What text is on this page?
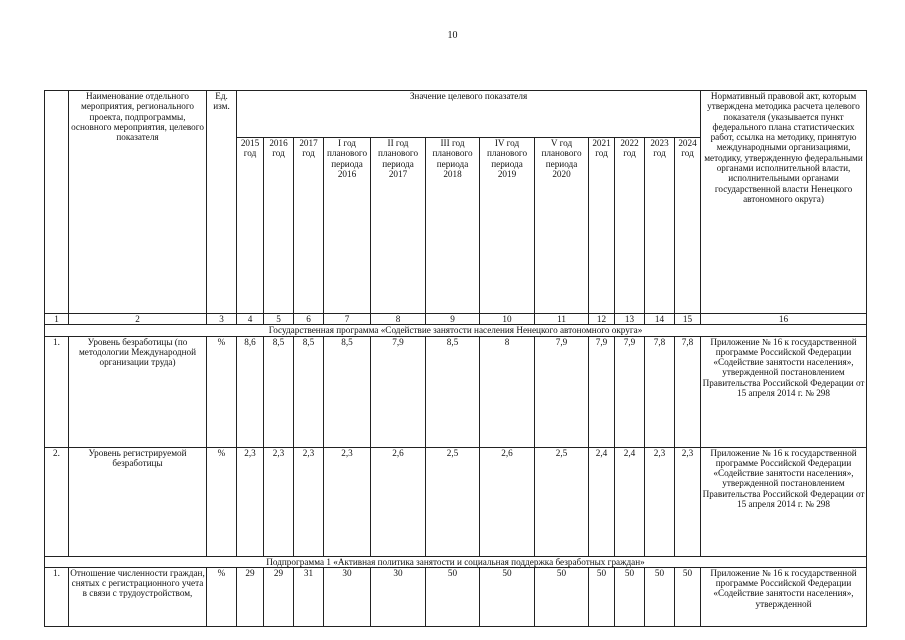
10
	Наименование отдельного мероприятия, регионального проекта, подпрограммы, основного мероприятия, целевого показателя	Ед. изм.	Значение целевого показателя												Нормативный правовой акт, которым утверждена методика расчета целевого показателя (указывается пункт федерального плана статистических работ, ссылка на методику, принятую международными организациями, методику, утвержденную федеральными органами исполнительной власти, исполнительными органами государственной власти Ненецкого автономного округа)
			2015 год	2016 год	2017 год	I год планового периода 2016	II год планового периода 2017	III год планового периода 2018	IV год планового периода 2019	V год планового периода 2020	2021 год	2022 год	2023 год	2024 год	
1	2	3	4	5	6	7	8	9	10	11	12	13	14	15	16
Государственная программа «Содействие занятости населения Ненецкого автономного округа»															
1.	Уровень безработицы (по методологии Международной организации труда)	%	8,6	8,5	8,5	8,5	7,9	8,5	8	7,9	7,9	7,9	7,8	7,8	Приложение № 16 к государственной программе Российской Федерации «Содействие занятости населения», утвержденной постановлением Правительства Российской Федерации от 15 апреля 2014 г. № 298
2.	Уровень регистрируемой безработицы	%	2,3	2,3	2,3	2,3	2,6	2,5	2,6	2,5	2,4	2,4	2,3	2,3	Приложение № 16 к государственной программе Российской Федерации «Содействие занятости населения», утвержденной постановлением Правительства Российской Федерации от 15 апреля 2014 г. № 298
Подпрограмма 1 «Активная политика занятости и социальная поддержка безработных граждан»															
1.	Отношение численности граждан, снятых с регистрационного учета в связи с трудоустройством,	%	29	29	31	30	30	50	50	50	50	50	50	50	Приложение № 16 к государственной программе Российской Федерации «Содействие занятости населения», утвержденной
